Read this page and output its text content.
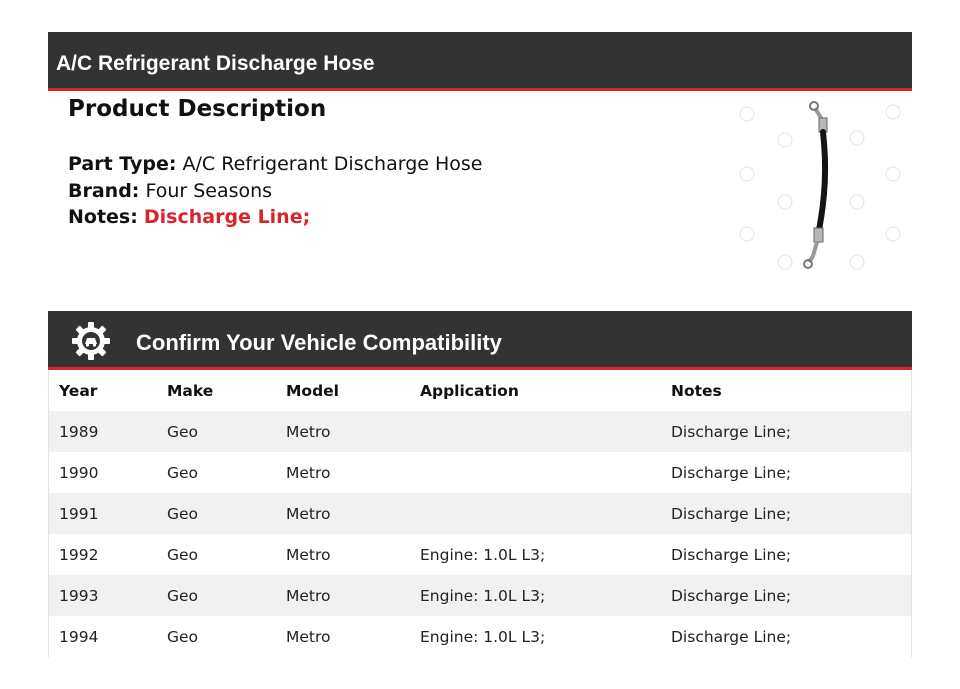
A/C Refrigerant Discharge Hose
Product Description
Part Type: A/C Refrigerant Discharge Hose
Brand: Four Seasons
Notes: Discharge Line;
Confirm Your Vehicle Compatibility
Year	Make	Model	Application	Notes
1989	Geo	Metro		Discharge Line;
1990	Geo	Metro		Discharge Line;
1991	Geo	Metro		Discharge Line;
1992	Geo	Metro	Engine: 1.0L L3;	Discharge Line;
1993	Geo	Metro	Engine: 1.0L L3;	Discharge Line;
1994	Geo	Metro	Engine: 1.0L L3;	Discharge Line;
